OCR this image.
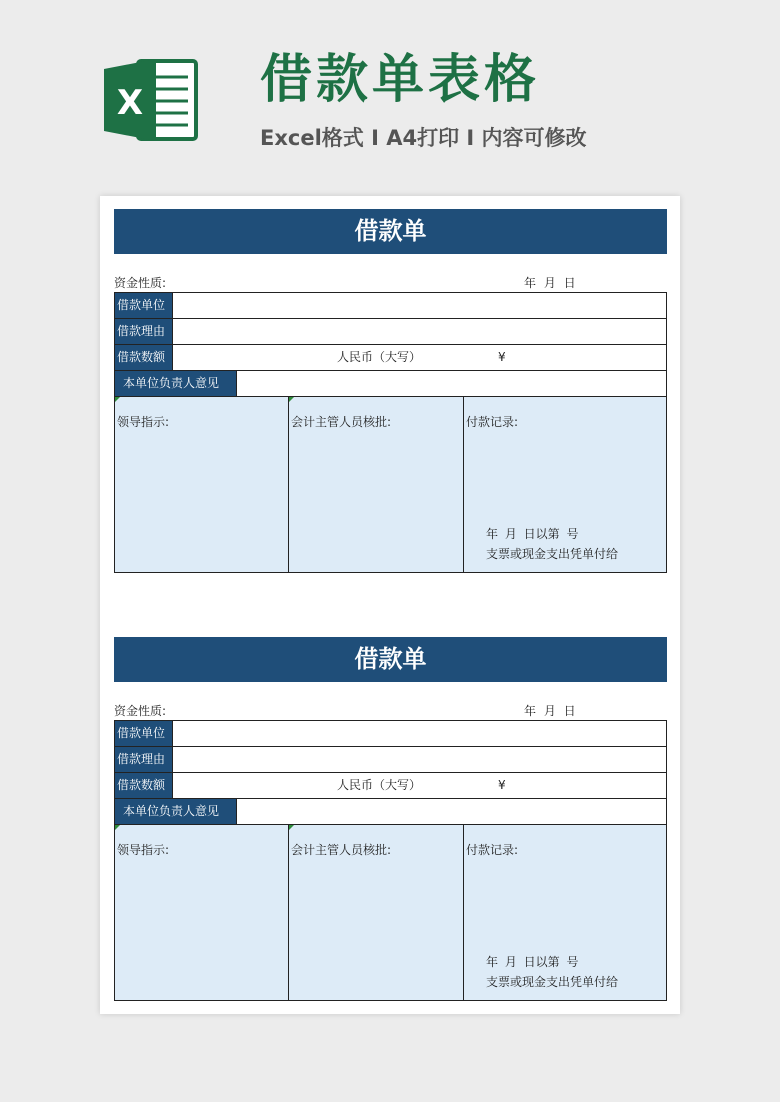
X 借款单表格
Excel格式 I A4打印 I 内容可修改
借款单
资金性质:	年 月 日
借款单位
借款理由
借款数额	人民币（大写）	¥
本单位负责人意见
领导指示:	会计主管人员核批:	付款记录:
年 月 日以第 号
支票或现金支出凭单付给
借款单
资金性质:	年 月 日
借款单位
借款理由
借款数额	人民币（大写）	¥
本单位负责人意见
领导指示:	会计主管人员核批:	付款记录:
年 月 日以第 号
支票或现金支出凭单付给
